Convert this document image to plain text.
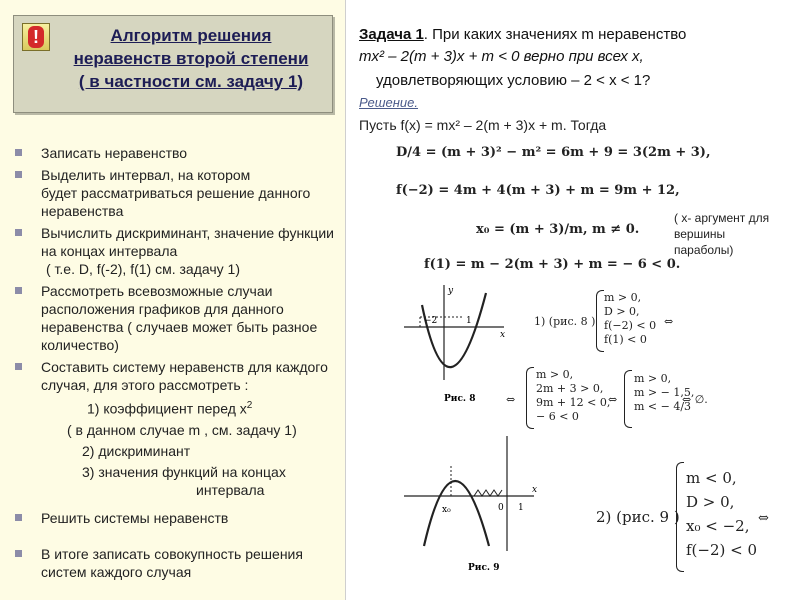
!	Алгоритм решения
неравенств второй степени
( в частности см. задачу 1)
Записать неравенство
Выделить интервал, на котором
будет рассматриваться решение данного неравенства
Вычислить дискриминант, значение функции на концах интервала
( т.е. D, f(-2), f(1) см. задачу 1)
Рассмотреть всевозможные случаи расположения графиков для данного неравенства ( случаев может быть разное количество)
Составить систему неравенств для каждого случая, для этого рассмотреть :
1) коэффициент перед $x^2$
( в данном случае m , см. задачу 1)
2) дискриминант
3) значения функций на концах
интервала
Решить системы неравенств
В итоге записать совокупность решения систем каждого случая
Задача 1. При каких значениях m неравенство
mx² – 2(m + 3)x + m < 0 верно при всех x,
удовлетворяющих условию – 2 < x < 1?
Решение.
Пусть f(x) = mx² – 2(m + 3)x + m. Тогда
D/4 = (m + 3)² − m² = 6m + 9 = 3(2m + 3),
f(−2) = 4m + 4(m + 3) + m = 9m + 12,
x₀ = (m + 3)/m, m ≠ 0.
f(1) = m − 2(m + 3) + m = − 6 < 0.
( x- аргумент для
вершины
параболы)
−2	1
x
y
Рис. 8
1) (рис. 8 )
m > 0,
D > 0,
f(−2) < 0
f(1) < 0
⇔
⇔
m > 0,
2m + 3 > 0,
9m + 12 < 0,
− 6 < 0
⇔
m > 0,
m > − 1,5,
m < − 4/3
⇔ ∅.
x₀	0 1
x
Рис. 9
2) (рис. 9 )
m < 0,
D > 0,
x₀ < −2,
f(−2) < 0
⇔
